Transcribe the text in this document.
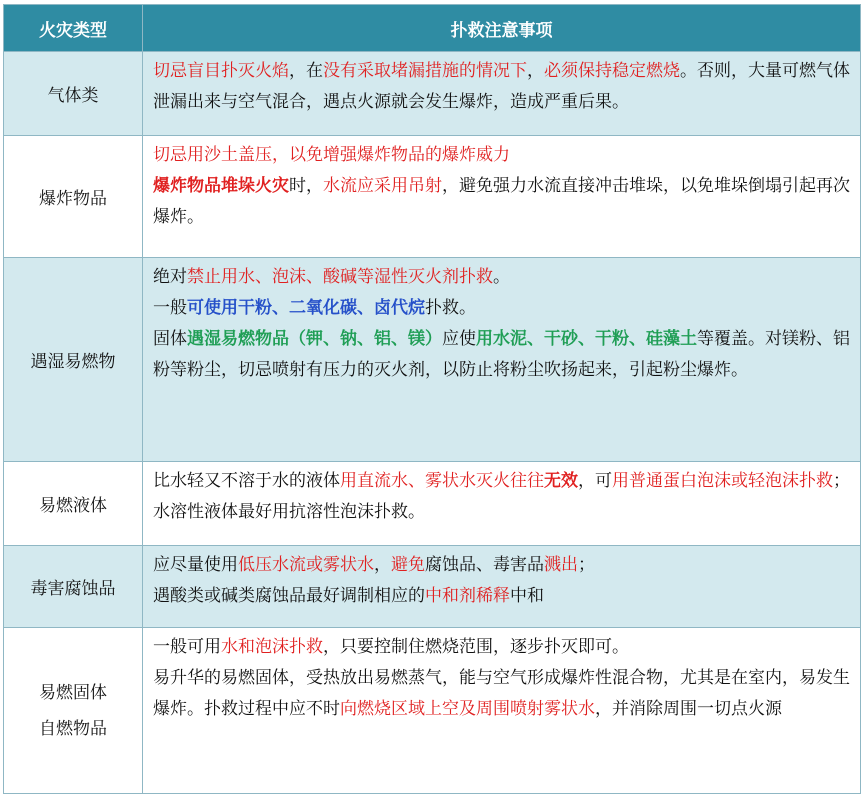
火灾类型	扑救注意事项
气体类	切忌盲目扑灭火焰，在没有采取堵漏措施的情况下，必须保持稳定燃烧。否则，大量可燃气体泄漏出来与空气混合，遇点火源就会发生爆炸，造成严重后果。
爆炸物品	切忌用沙土盖压，以免增强爆炸物品的爆炸威力
爆炸物品堆垛火灾时，水流应采用吊射，避免强力水流直接冲击堆垛，以免堆垛倒塌引起再次爆炸。

遇湿易燃物	绝对禁止用水、泡沫、酸碱等湿性灭火剂扑救。
一般可使用干粉、二氧化碳、卤代烷扑救。
固体遇湿易燃物品（钾、钠、铝、镁）应使用水泥、干砂、干粉、硅藻土等覆盖。对镁粉、铝粉等粉尘，切忌喷射有压力的灭火剂，以防止将粉尘吹扬起来，引起粉尘爆炸。

易燃液体	比水轻又不溶于水的液体用直流水、雾状水灭火往往无效，可用普通蛋白泡沫或轻泡沫扑救；水溶性液体最好用抗溶性泡沫扑救。
毒害腐蚀品	应尽量使用低压水流或雾状水，避免腐蚀品、毒害品溅出；
遇酸类或碱类腐蚀品最好调制相应的中和剂稀释中和

易燃固体
自燃物品	一般可用水和泡沫扑救，只要控制住燃烧范围，逐步扑灭即可。
易升华的易燃固体，受热放出易燃蒸气，能与空气形成爆炸性混合物，尤其是在室内，易发生爆炸。扑救过程中应不时向燃烧区域上空及周围喷射雾状水，并消除周围一切点火源
